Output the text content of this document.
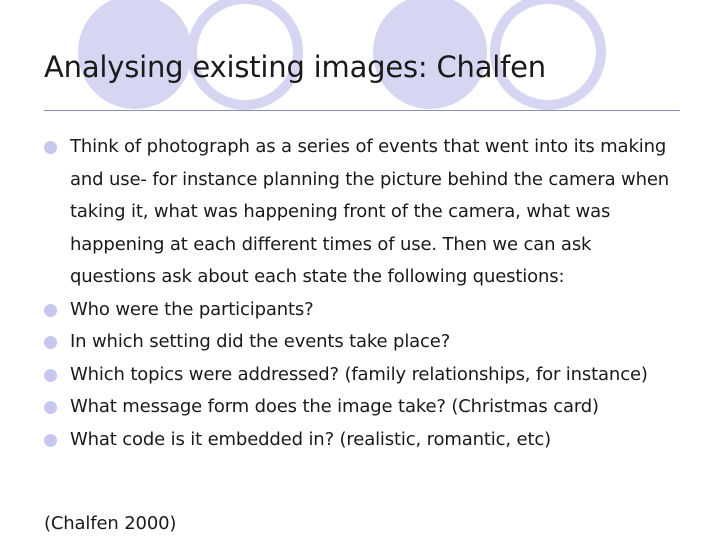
Analysing existing images: Chalfen
Think of photograph as a series of events that went into its making and use- for instance planning the picture behind the camera when taking it, what was happening front of the camera, what was happening at each different times of use. Then we can ask questions ask about each state the following questions:
Who were the participants?
In which setting did the events take place?
Which topics were addressed? (family relationships, for instance)
What message form does the image take? (Christmas card)
What code is it embedded in? (realistic, romantic, etc)

(Chalfen 2000)
